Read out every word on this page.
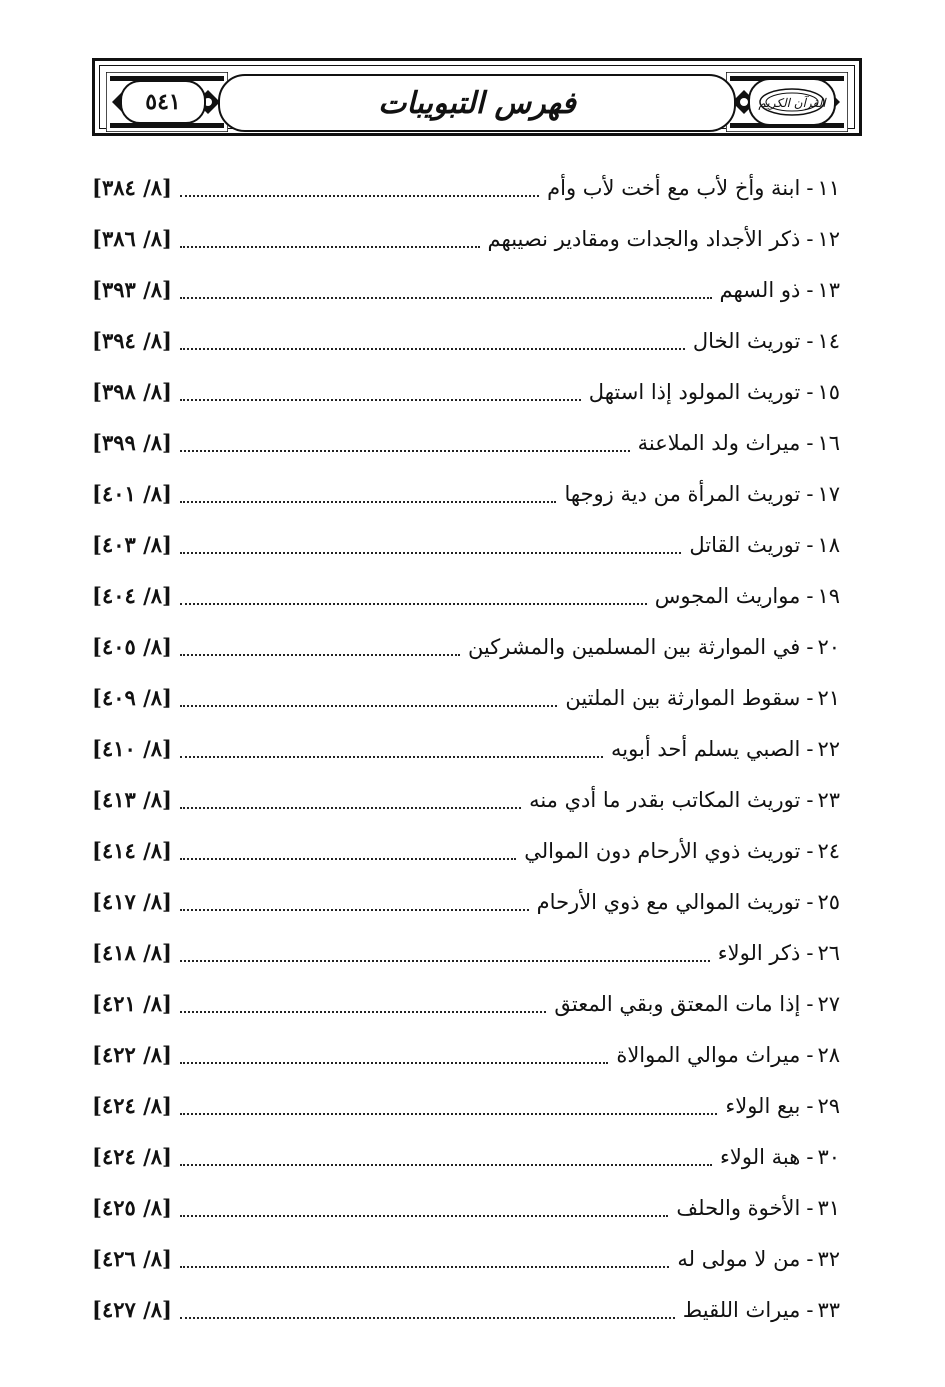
٥٤١	القرآن الكريم
فهرس التبويبات
[٨/ ٣٨٤]	ابنة وأخ لأب مع أخت لأب وأم - ١١
[٨/ ٣٨٦]	ذكر الأجداد والجدات ومقادير نصيبهم - ١٢
[٨/ ٣٩٣]	ذو السهم - ١٣
[٨/ ٣٩٤]	توريث الخال - ١٤
[٨/ ٣٩٨]	توريث المولود إذا استهل - ١٥
[٨/ ٣٩٩]	ميراث ولد الملاعنة - ١٦
[٨/ ٤٠١]	توريث المرأة من دية زوجها - ١٧
[٨/ ٤٠٣]	توريث القاتل - ١٨
[٨/ ٤٠٤]	مواريث المجوس - ١٩
[٨/ ٤٠٥]	في الموارثة بين المسلمين والمشركين - ٢٠
[٨/ ٤٠٩]	سقوط الموارثة بين الملتين - ٢١
[٨/ ٤١٠]	الصبي يسلم أحد أبويه - ٢٢
[٨/ ٤١٣]	توريث المكاتب بقدر ما أدي منه - ٢٣
[٨/ ٤١٤]	توريث ذوي الأرحام دون الموالي - ٢٤
[٨/ ٤١٧]	توريث الموالي مع ذوي الأرحام - ٢٥
[٨/ ٤١٨]	ذكر الولاء - ٢٦
[٨/ ٤٢١]	إذا مات المعتق وبقي المعتق - ٢٧
[٨/ ٤٢٢]	ميراث موالي الموالاة - ٢٨
[٨/ ٤٢٤]	بيع الولاء - ٢٩
[٨/ ٤٢٤]	هبة الولاء - ٣٠
[٨/ ٤٢٥]	الأخوة والحلف - ٣١
[٨/ ٤٢٦]	من لا مولى له - ٣٢
[٨/ ٤٢٧]	ميراث اللقيط - ٣٣
